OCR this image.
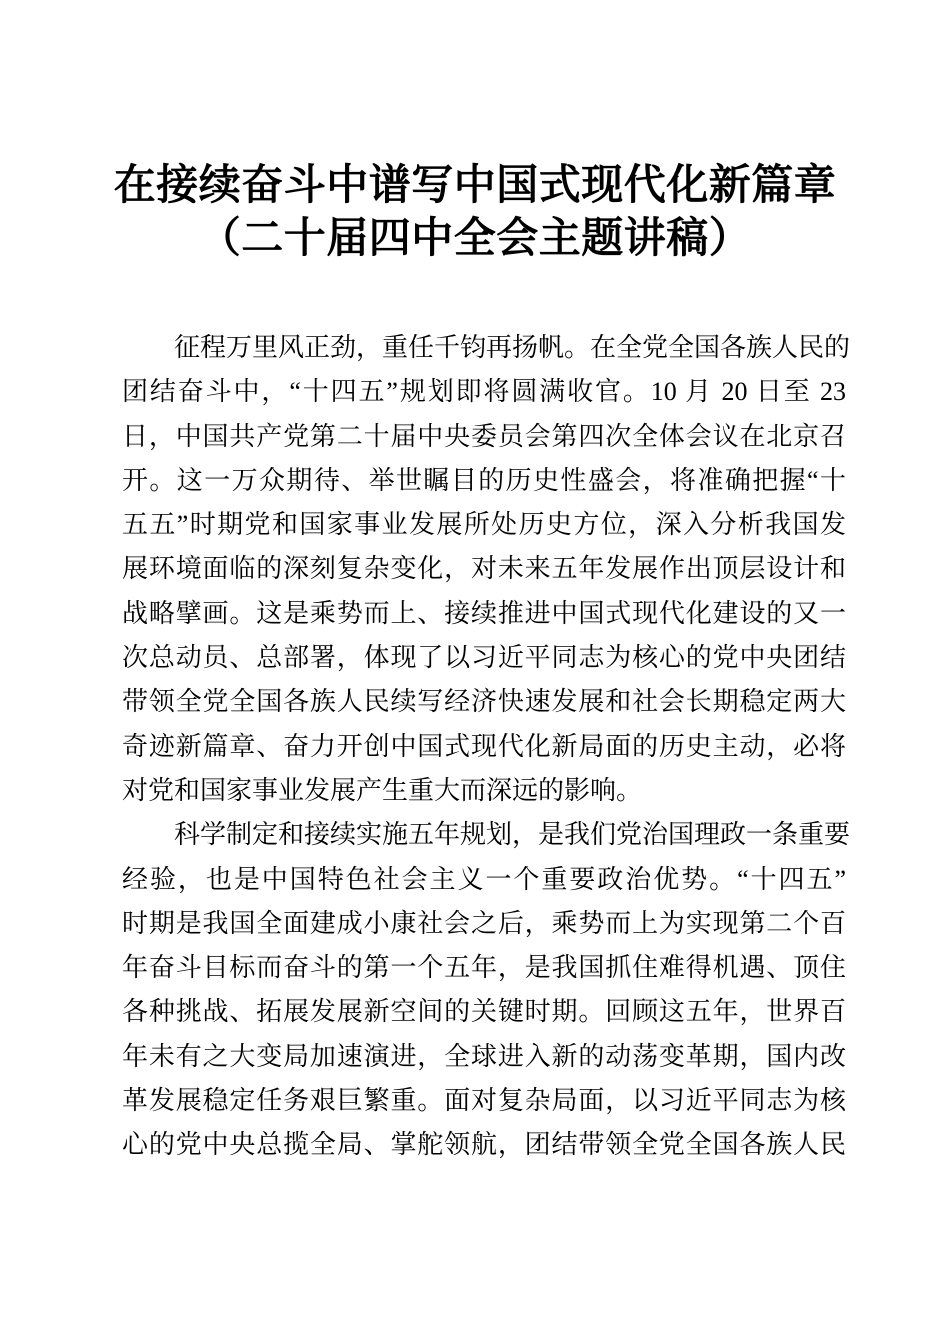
在接续奋斗中谱写中国式现代化新篇章
（二十届四中全会主题讲稿）
征程万里风正劲，重任千钧再扬帆。在全党全国各族人民的
团结奋斗中，“十四五”规划即将圆满收官。10 月 20 日至 23
日，中国共产党第二十届中央委员会第四次全体会议在北京召
开。这一万众期待、举世瞩目的历史性盛会，将准确把握“十
五五”时期党和国家事业发展所处历史方位，深入分析我国发
展环境面临的深刻复杂变化，对未来五年发展作出顶层设计和
战略擘画。这是乘势而上、接续推进中国式现代化建设的又一
次总动员、总部署，体现了以习近平同志为核心的党中央团结
带领全党全国各族人民续写经济快速发展和社会长期稳定两大
奇迹新篇章、奋力开创中国式现代化新局面的历史主动，必将
对党和国家事业发展产生重大而深远的影响。
科学制定和接续实施五年规划，是我们党治国理政一条重要
经验，也是中国特色社会主义一个重要政治优势。“十四五”
时期是我国全面建成小康社会之后，乘势而上为实现第二个百
年奋斗目标而奋斗的第一个五年，是我国抓住难得机遇、顶住
各种挑战、拓展发展新空间的关键时期。回顾这五年，世界百
年未有之大变局加速演进，全球进入新的动荡变革期，国内改
革发展稳定任务艰巨繁重。面对复杂局面，以习近平同志为核
心的党中央总揽全局、掌舵领航，团结带领全党全国各族人民
